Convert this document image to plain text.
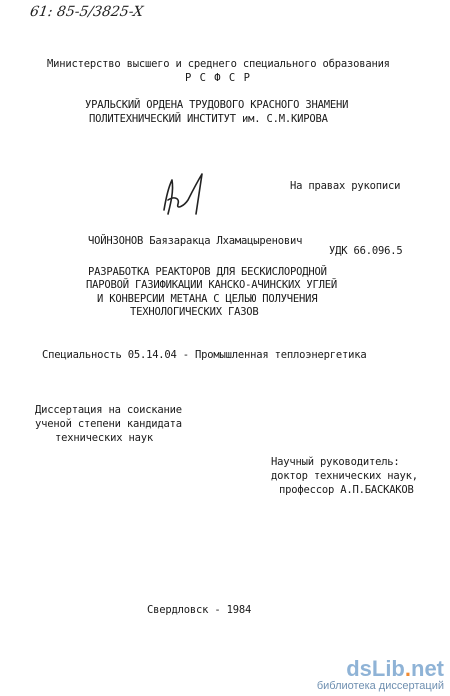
61: 85-5/3825-X
Министерство высшего и среднего специального образования
Р С Ф С Р
УРАЛЬСКИЙ ОРДЕНА ТРУДОВОГО КРАСНОГО ЗНАМЕНИ
ПОЛИТЕХНИЧЕСКИЙ ИНСТИТУТ им. С.М.КИРОВА
На правах рукописи
ЧОЙНЗОНОВ Баязаракца Лхамацыренович
УДК 66.096.5
РАЗРАБОТКА РЕАКТОРОВ ДЛЯ БЕСКИСЛОРОДНОЙ
ПАРОВОЙ ГАЗИФИКАЦИИ КАНСКО-АЧИНСКИХ УГЛЕЙ
И КОНВЕРСИИ МЕТАНА С ЦЕЛЬЮ ПОЛУЧЕНИЯ
ТЕХНОЛОГИЧЕСКИХ ГАЗОВ
Специальность 05.14.04 - Промышленная теплоэнергетика
Диссертация на соискание
ученой степени кандидата
технических наук
Научный руководитель:
доктор технических наук,
профессор А.П.БАСКАКОВ
Свердловск - 1984
dsLib.net
библиотека диссертаций
